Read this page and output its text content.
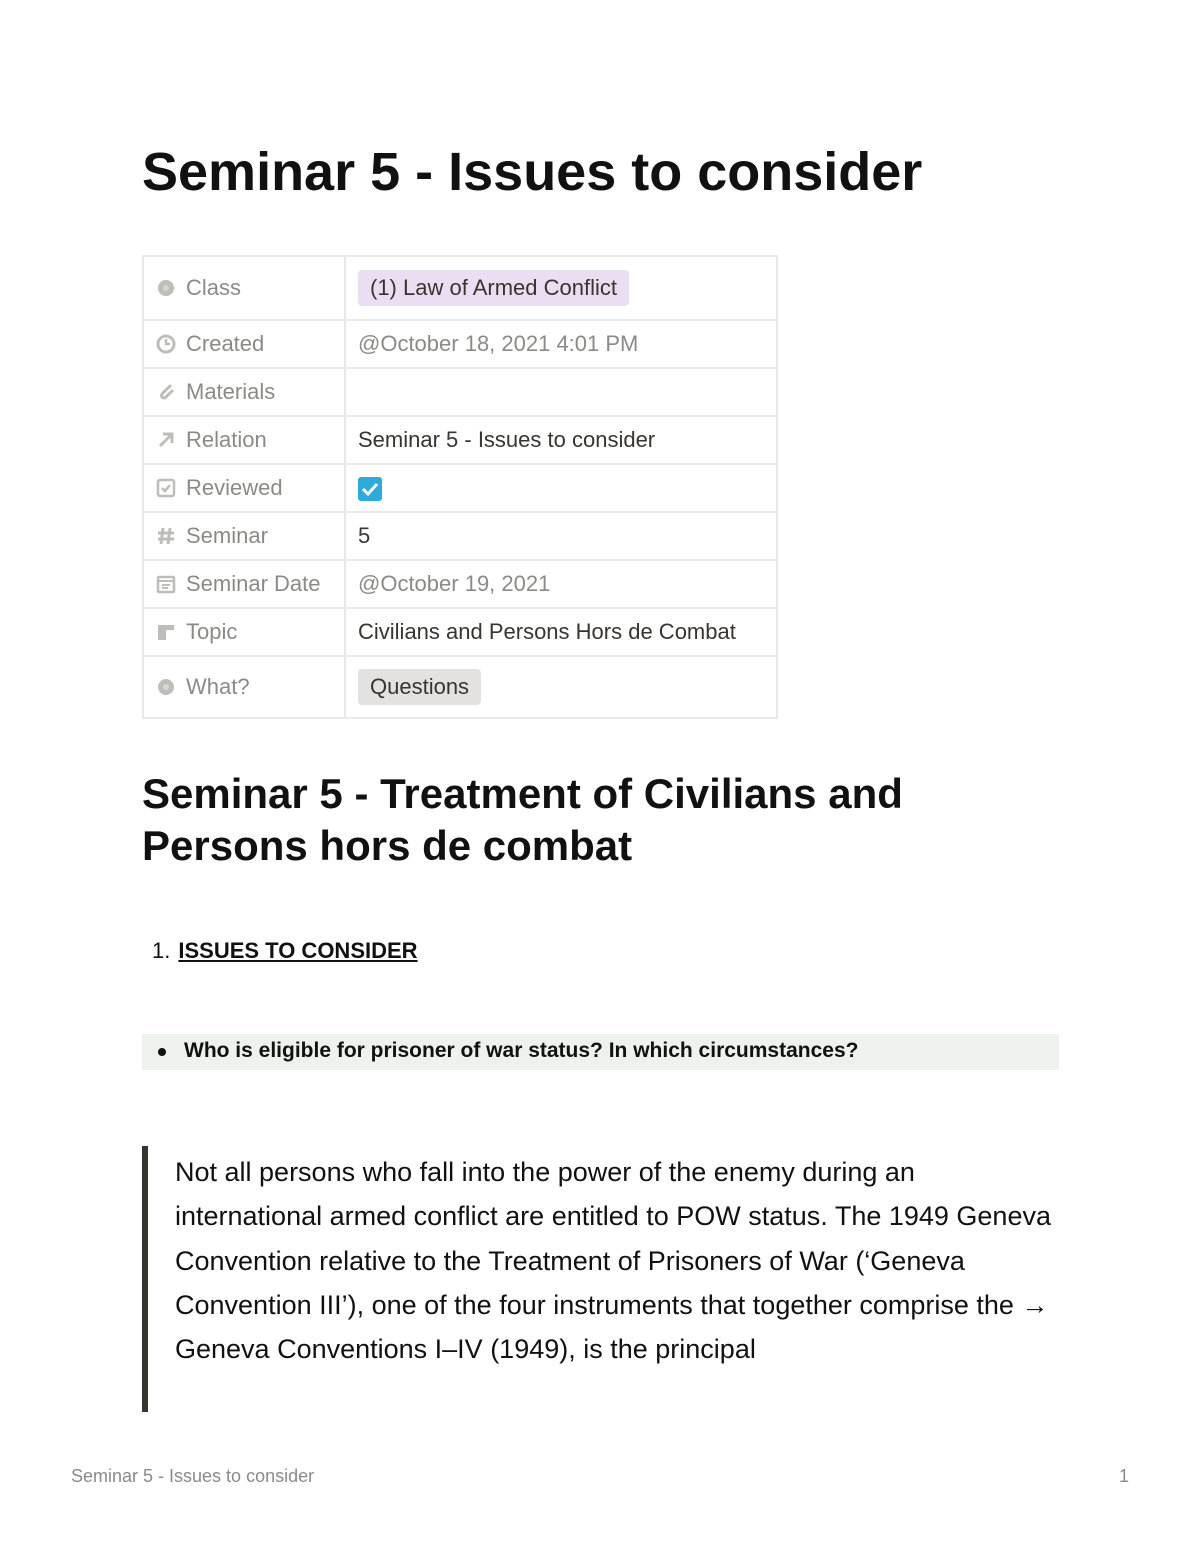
Seminar 5 - Issues to consider
Class	(1) Law of Armed Conflict

Created	@October 18, 2021 4:01 PM

Materials	

Relation	Seminar 5 - Issues to consider

Reviewed	

Seminar	5

Seminar Date	@October 19, 2021

Topic	Civilians and Persons Hors de Combat

What?	Questions
Seminar 5 - Treatment of Civilians and Persons hors de combat
1. ISSUES TO CONSIDER
Who is eligible for prisoner of war status? In which circumstances?

Not all persons who fall into the power of the enemy during an international armed conflict are entitled to POW status. The 1949 Geneva Convention relative to the Treatment of Prisoners of War (‘Geneva Convention III’), one of the four instruments that together comprise the → Geneva Conventions I–IV (1949), is the principal

Seminar 5 - Issues to consider	1
